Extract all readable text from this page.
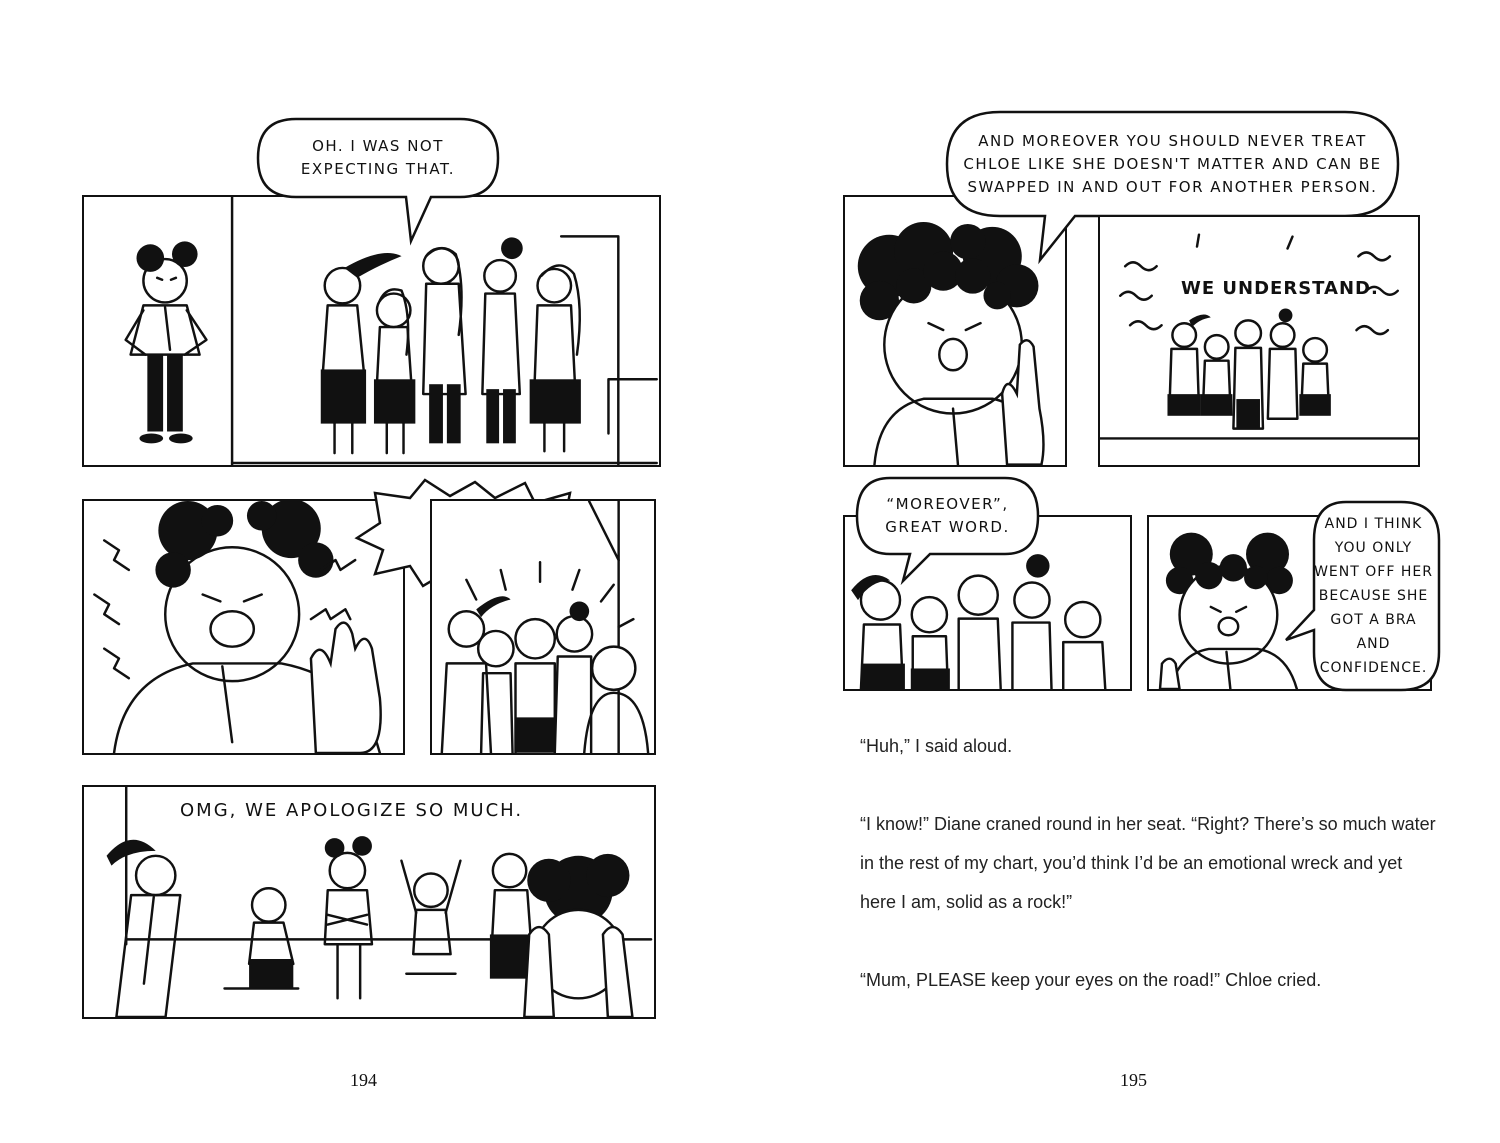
OH. I WAS NOT
EXPECTING THAT.
OMG, WE APOLOGIZE SO MUCH.
194
AND MOREOVER YOU SHOULD NEVER TREAT
CHLOE LIKE SHE DOESN'T MATTER AND CAN BE
SWAPPED IN AND OUT FOR ANOTHER PERSON.
WE UNDERSTAND.
“MOREOVER”,
GREAT WORD.	AND I THINK
YOU ONLY
WENT OFF HER
BECAUSE SHE
GOT A BRA
AND
CONFIDENCE.
195
“Huh,” I said aloud.
“I know!” Diane craned round in her seat. “Right? There’s so much water in the rest of my chart, you’d think I’d be an emotional wreck and yet here I am, solid as a rock!”
“Mum, PLEASE keep your eyes on the road!” Chloe cried.
